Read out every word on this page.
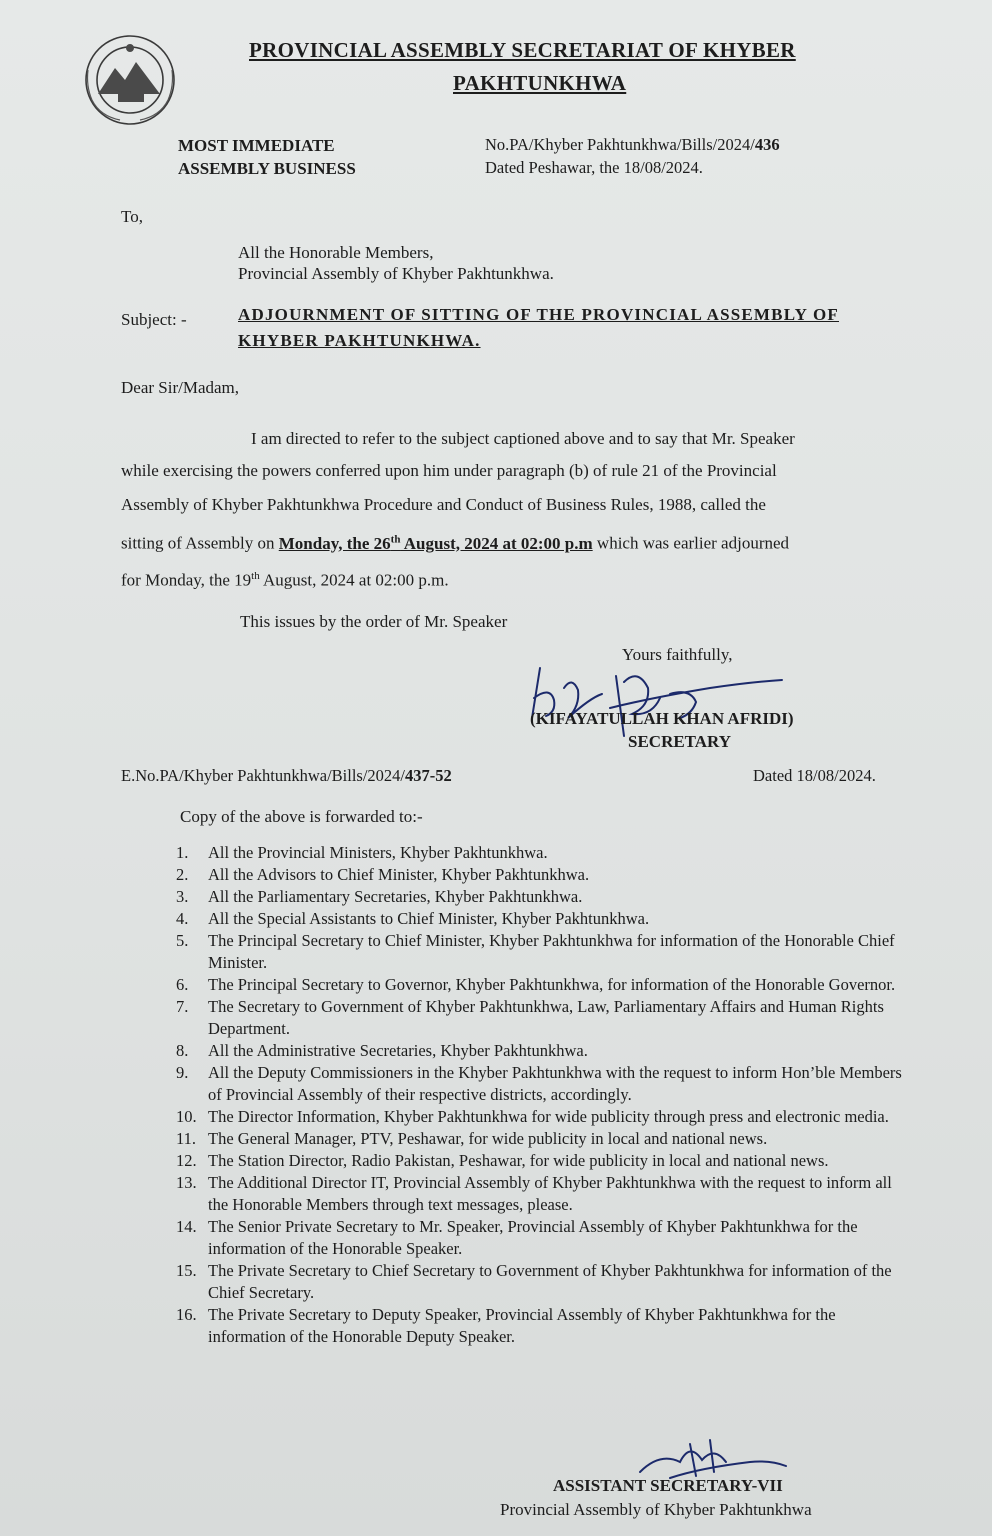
PROVINCIAL ASSEMBLY SECRETARIAT OF KHYBER
PAKHTUNKHWA
MOST IMMEDIATE
ASSEMBLY BUSINESS
No.PA/Khyber Pakhtunkhwa/Bills/2024/436
Dated Peshawar, the 18/08/2024.
To,
All the Honorable Members,
Provincial Assembly of Khyber Pakhtunkhwa.
Subject: -	ADJOURNMENT OF SITTING OF THE PROVINCIAL ASSEMBLY OF
KHYBER PAKHTUNKHWA.
Dear Sir/Madam,
I am directed to refer to the subject captioned above and to say that Mr. Speaker
while exercising the powers conferred upon him under paragraph (b) of rule 21 of the Provincial
Assembly of Khyber Pakhtunkhwa Procedure and Conduct of Business Rules, 1988, called the
sitting of Assembly on Monday, the 26th August, 2024 at 02:00 p.m which was earlier adjourned
for Monday, the 19th August, 2024 at 02:00 p.m.
This issues by the order of Mr. Speaker
Yours faithfully,
(KIFAYATULLAH KHAN AFRIDI)
SECRETARY
E.No.PA/Khyber Pakhtunkhwa/Bills/2024/437-52	Dated 18/08/2024.
Copy of the above is forwarded to:-
1. All the Provincial Ministers, Khyber Pakhtunkhwa.
2. All the Advisors to Chief Minister, Khyber Pakhtunkhwa.
3. All the Parliamentary Secretaries, Khyber Pakhtunkhwa.
4. All the Special Assistants to Chief Minister, Khyber Pakhtunkhwa.
5. The Principal Secretary to Chief Minister, Khyber Pakhtunkhwa for information of the Honorable Chief Minister.
6. The Principal Secretary to Governor, Khyber Pakhtunkhwa, for information of the Honorable Governor.
7. The Secretary to Government of Khyber Pakhtunkhwa, Law, Parliamentary Affairs and Human Rights Department.
8. All the Administrative Secretaries, Khyber Pakhtunkhwa.
9. All the Deputy Commissioners in the Khyber Pakhtunkhwa with the request to inform Hon’ble Members of Provincial Assembly of their respective districts, accordingly.
10. The Director Information, Khyber Pakhtunkhwa for wide publicity through press and electronic media.
11. The General Manager, PTV, Peshawar, for wide publicity in local and national news.
12. The Station Director, Radio Pakistan, Peshawar, for wide publicity in local and national news.
13. The Additional Director IT, Provincial Assembly of Khyber Pakhtunkhwa with the request to inform all the Honorable Members through text messages, please.
14. The Senior Private Secretary to Mr. Speaker, Provincial Assembly of Khyber Pakhtunkhwa for the information of the Honorable Speaker.
15. The Private Secretary to Chief Secretary to Government of Khyber Pakhtunkhwa for information of the Chief Secretary.
16. The Private Secretary to Deputy Speaker, Provincial Assembly of Khyber Pakhtunkhwa for the information of the Honorable Deputy Speaker.
ASSISTANT SECRETARY-VII
Provincial Assembly of Khyber Pakhtunkhwa
